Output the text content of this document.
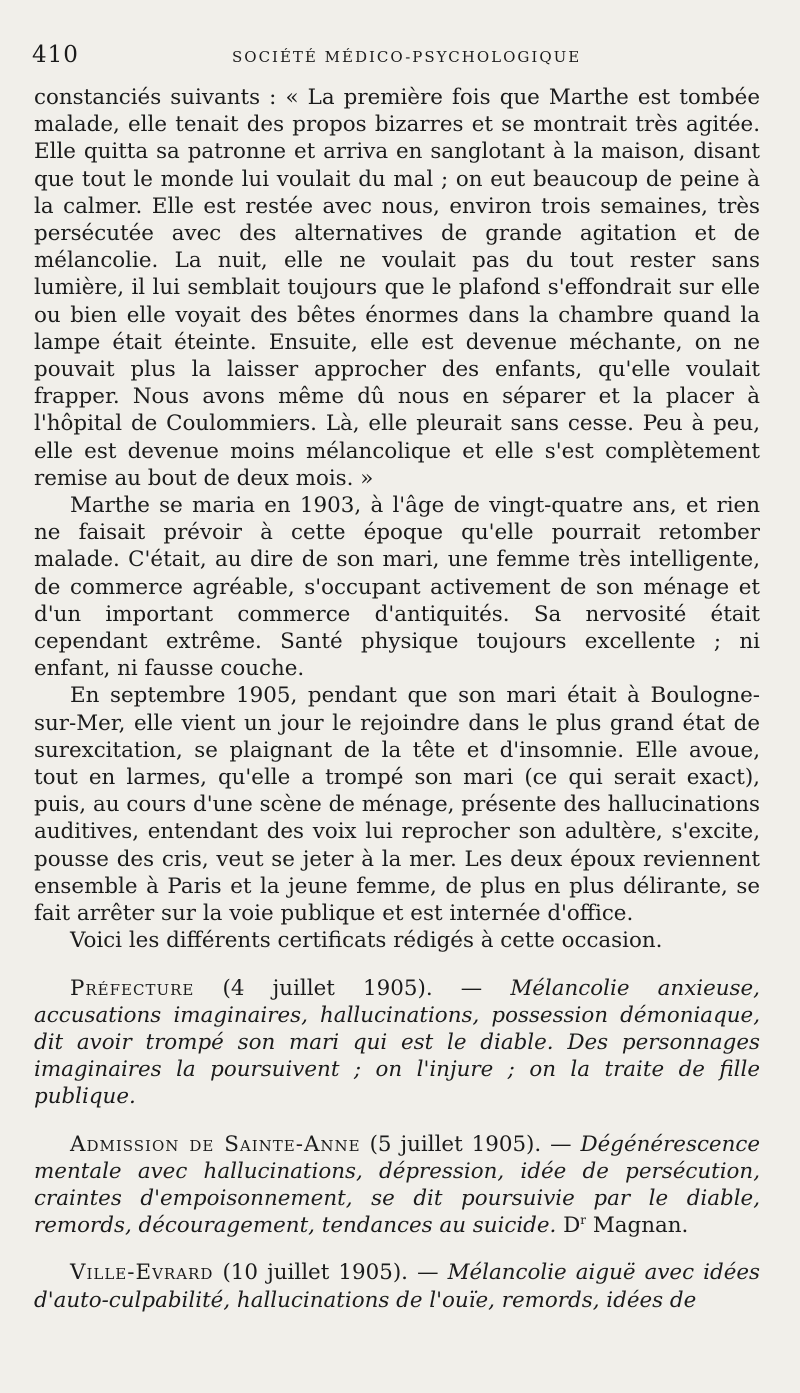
410	SOCIÉTÉ MÉDICO-PSYCHOLOGIQUE

constanciés suivants : « La première fois que Marthe est tombée malade, elle tenait des propos bizarres et se montrait très agitée. Elle quitta sa patronne et arriva en sanglotant à la maison, disant que tout le monde lui voulait du mal ; on eut beaucoup de peine à la calmer. Elle est restée avec nous, environ trois semaines, très persécutée avec des alternatives de grande agitation et de mélancolie. La nuit, elle ne voulait pas du tout rester sans lumière, il lui semblait toujours que le plafond s'effondrait sur elle ou bien elle voyait des bêtes énormes dans la chambre quand la lampe était éteinte. Ensuite, elle est devenue méchante, on ne pouvait plus la laisser approcher des enfants, qu'elle voulait frapper. Nous avons même dû nous en séparer et la placer à l'hôpital de Coulommiers. Là, elle pleurait sans cesse. Peu à peu, elle est devenue moins mélancolique et elle s'est complètement remise au bout de deux mois. »

Marthe se maria en 1903, à l'âge de vingt-quatre ans, et rien ne faisait prévoir à cette époque qu'elle pourrait retomber malade. C'était, au dire de son mari, une femme très intelligente, de commerce agréable, s'occupant activement de son ménage et d'un important commerce d'antiquités. Sa nervosité était cependant extrême. Santé physique toujours excellente ; ni enfant, ni fausse couche.

En septembre 1905, pendant que son mari était à Boulogne-sur-Mer, elle vient un jour le rejoindre dans le plus grand état de surexcitation, se plaignant de la tête et d'insomnie. Elle avoue, tout en larmes, qu'elle a trompé son mari (ce qui serait exact), puis, au cours d'une scène de ménage, présente des hallucinations auditives, entendant des voix lui reprocher son adultère, s'excite, pousse des cris, veut se jeter à la mer. Les deux époux reviennent ensemble à Paris et la jeune femme, de plus en plus délirante, se fait arrêter sur la voie publique et est internée d'office.

Voici les différents certificats rédigés à cette occasion.

Préfecture (4 juillet 1905). — Mélancolie anxieuse, accusations imaginaires, hallucinations, possession démoniaque, dit avoir trompé son mari qui est le diable. Des personnages imaginaires la poursuivent ; on l'injure ; on la traite de fille publique.

Admission de Sainte-Anne (5 juillet 1905). — Dégénérescence mentale avec hallucinations, dépression, idée de persécution, craintes d'empoisonnement, se dit poursuivie par le diable, remords, découragement, tendances au suicide. $D^r$ Magnan.

Ville-Evrard (10 juillet 1905). — Mélancolie aiguë avec idées d'auto-culpabilité, hallucinations de l'ouïe, remords, idées de
